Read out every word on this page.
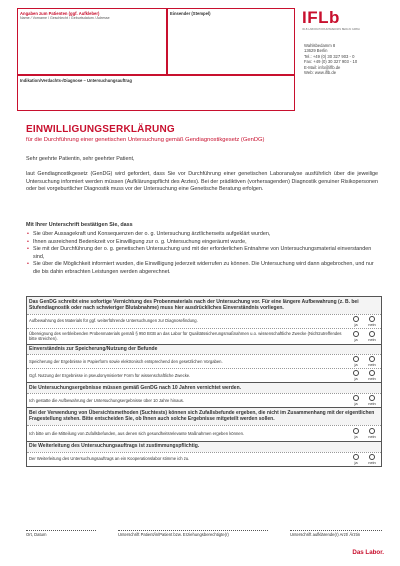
Angaben zum Patienten (ggf. Aufkleber)
Name / Vorname / Geschlecht / Geburtsdatum / Adresse
Einsender (Stempel)
Indikation/Verdachts-/Diagnose – Untersuchungsauftrag
IFLb
IFLB LABORATORIUMSMEDIZIN BERLIN GMBH
Wahlsbedamm 8
13629 Berlin
Tel.: +49 (0) 30 327 903 - 0
Fax: +49 (0) 30 327 903 - 10
E-Mail: info@iflb.de
Web: www.iflb.de
EINWILLIGUNGSERKLÄRUNG
für die Durchführung einer genetischen Untersuchung gemäß Gendiagnostikgesetz (GenDG)
Sehr geehrte Patientin, sehr geehrter Patient,
laut Gendiagnostikgesetz (GenDG) wird gefordert, dass Sie vor Durchführung einer genetischen Laboranalyse ausführlich über die jeweilige Untersuchung informiert werden müssen (Aufklärungspflicht des Arztes). Bei der prädiktiven (vorhersagenden) Diagnostik genuiner Risikopersonen oder bei vorgeburtlicher Diagnostik muss vor der Untersuchung eine Genetische Beratung erfolgen.
Mit Ihrer Unterschrift bestätigen Sie, dass
• Sie über Aussagekraft und Konsequenzen der o. g. Untersuchung ärztlicherseits aufgeklärt wurden,
• Ihnen ausreichend Bedenkzeit vor Einwilligung zur o. g. Untersuchung eingeräumt wurde,
• Sie mit der Durchführung der o. g. genetischen Untersuchung und mit der erforderlichen Entnahme von Untersuchungsmaterial einverstanden sind,
• Sie über die Möglichkeit informiert wurden, die Einwilligung jederzeit widerrufen zu können. Die Untersuchung wird dann abgebrochen, und nur die bis dahin erbrachten Leistungen werden abgerechnet.
Das GenDG schreibt eine sofortige Vernichtung des Probenmaterials nach der Untersuchung vor. Für eine längere Aufbewahrung (z. B. bei Stufendiagnostik oder nach schwieriger Blutabnahme) muss hier ausdrückliches Einverständnis vorliegen.
Aufbewahrung des Materials für ggf. weiterführende Untersuchungen zur Diagnosefindung.
ja	nein
Übereignung des verbleibenden Probenmaterials gemäß § 950 BGB an das Labor für Qualitätssicherungsmaßnahmen u.o. wissenschaftliche Zwecke (Nichtzutreffendes bitte streichen).	ja	nein
Einverständnis zur Speicherung/Nutzung der Befunde
Speicherung der Ergebnisse in Papierform sowie elektronisch entsprechend den gesetzlichen Vorgaben.
ja	nein
Ggf. Nutzung der Ergebnisse in pseudonymisierter Form für wissenschaftliche Zwecke.
ja	nein
Die Untersuchungsergebnisse müssen gemäß GenDG nach 10 Jahren vernichtet werden.
Ich gestatte die Aufbewahrung der Untersuchungsergebnisse über 10 Jahre hinaus.
ja	nein
Bei der Verwendung von Übersichtsmethoden (Suchtests) können sich Zufallsbefunde ergeben, die nicht im Zusammenhang mit der eigentlichen Fragestellung stehen. Bitte entscheiden Sie, ob Ihnen auch solche Ergebnisse mitgeteilt werden sollen.
Ich bitte um die Mitteilung von Zufallsbefunden, aus denen sich gesundheitsrelevante Maßnahmen ergeben können.
ja	nein
Die Weiterleitung des Untersuchungsauftrags ist zustimmungspflichtig.
Der Weiterleitung des Untersuchungsauftrags an ein Kooperationslabor stimme ich zu.
ja	nein
Ort, Datum	Unterschrift Patient/in/Patient bzw. Erziehungsberechtigte(r)	Unterschrift aufklärende(r) Arzt/ Ärztin
Das Labor.
